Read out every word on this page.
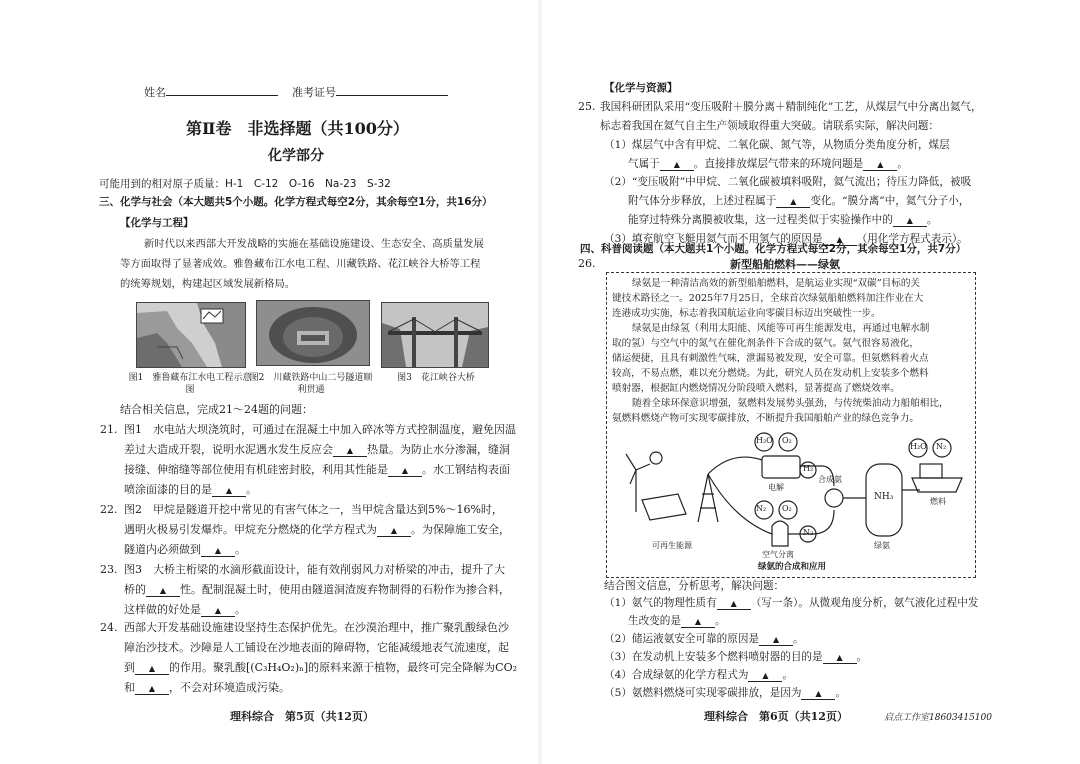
姓名	准考证号
第Ⅱ卷　非选择题（共100分）
化学部分
可能用到的相对原子质量：H-1　C-12　O-16　Na-23　S-32
三、化学与社会（本大题共5个小题。化学方程式每空2分，其余每空1分，共16分）
【化学与工程】
新时代以来西部大开发战略的实施在基础设施建设、生态安全、高质量发展
等方面取得了显著成效。雅鲁藏布江水电工程、川藏铁路、花江峡谷大桥等工程
的统筹规划，构建起区域发展新格局。
图1　雅鲁藏布江水电工程示意图
图2　川藏铁路中山二号隧道顺利贯通
图3　花江峡谷大桥
结合相关信息，完成21～24题的问题：
21. 图1　水电站大坝浇筑时，可通过在混凝土中加入碎冰等方式控制温度，避免因温
差过大造成开裂，说明水泥遇水发生反应会 ▲ 热量。为防止水分渗漏，缝洞
接缝、伸缩缝等部位使用有机硅密封胶，利用其性能是 ▲ 。水工钢结构表面
喷涂面漆的目的是 ▲ 。
22. 图2　甲烷是隧道开挖中常见的有害气体之一，当甲烷含量达到5%～16%时，
遇明火极易引发爆炸。甲烷充分燃烧的化学方程式为 ▲ 。为保障施工安全，
隧道内必须做到 ▲ 。
23. 图3　大桥主桁梁的水滴形截面设计，能有效削弱风力对桥梁的冲击，提升了大
桥的 ▲ 性。配制混凝土时，使用由隧道洞渣废弃物制得的石粉作为掺合料，
这样做的好处是 ▲ 。
24. 西部大开发基础设施建设坚持生态保护优先。在沙漠治理中，推广聚乳酸绿色沙
障治沙技术。沙障是人工铺设在沙地表面的障碍物，它能减缓地表气流速度，起
到 ▲ 的作用。聚乳酸[(C₃H₄O₂)ₙ]的原料来源于植物，最终可完全降解为CO₂
和 ▲ ，不会对环境造成污染。
理科综合　第5页（共12页）
【化学与资源】
25. 我国科研团队采用“变压吸附＋膜分离＋精制纯化”工艺，从煤层气中分离出氦气，
标志着我国在氦气自主生产领域取得重大突破。请联系实际，解决问题：
（1）煤层气中含有甲烷、二氧化碳、氮气等，从物质分类角度分析，煤层
气属于 ▲ 。直接排放煤层气带来的环境问题是 ▲ 。
（2）“变压吸附”中甲烷、二氧化碳被填料吸附，氦气流出；待压力降低，被吸
附气体分步释放，上述过程属于 ▲ 变化。“膜分离”中，氦气分子小，
能穿过特殊分离膜被收集，这一过程类似于实验操作中的 ▲ 。
（3）填充航空飞艇用氦气而不用氢气的原因是 ▲ （用化学方程式表示）。
四、科普阅读题（本大题共1个小题。化学方程式每空2分，其余每空1分，共7分）
26.	新型船舶燃料——绿氨
绿氨是一种清洁高效的新型船舶燃料，是航运业实现“双碳”目标的关
键技术路径之一。2025年7月25日，全球首次绿氨船舶燃料加注作业在大
连港成功实施，标志着我国航运业向零碳目标迈出突破性一步。
绿氨是由绿氢（利用太阳能、风能等可再生能源发电，再通过电解水制
取的氢）与空气中的氮气在催化剂条件下合成的氨气。氨气很容易液化，
储运便捷，且具有刺激性气味，泄漏易被发现，安全可靠。但氨燃料着火点
较高，不易点燃，难以充分燃烧。为此，研究人员在发动机上安装多个燃料
喷射器，根据缸内燃烧情况分阶段喷入燃料，显著提高了燃烧效率。
随着全球环保意识增强，氨燃料发展势头强劲，与传统柴油动力船舶相比，
氨燃料燃烧产物可实现零碳排放，不断提升我国船舶产业的绿色竞争力。
H₂O O₂
H₂
N₂ O₂
N₂
H₂O N₂
NH₃
电解
合成氨
可再生能源
空气分离
绿氨
燃料
绿氨的合成和应用
结合图文信息，分析思考，解决问题：
（1）氨气的物理性质有 ▲ （写一条）。从微观角度分析，氨气液化过程中发
生改变的是 ▲ 。
（2）储运液氨安全可靠的原因是 ▲ 。
（3）在发动机上安装多个燃料喷射器的目的是 ▲ 。
（4）合成绿氨的化学方程式为 ▲ 。
（5）氨燃料燃烧可实现零碳排放，是因为 ▲ 。
理科综合　第6页（共12页）	启点工作室18603415100
